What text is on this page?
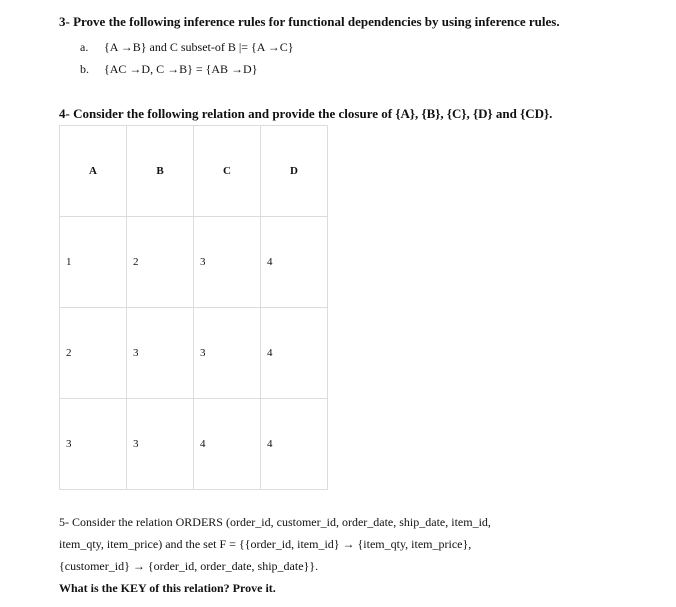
3- Prove the following inference rules for functional dependencies by using inference rules.
a. {A →B} and C subset-of B |= {A →C}
b. {AC →D, C →B} = {AB →D}
4- Consider the following relation and provide the closure of {A}, {B}, {C}, {D} and {CD}.
A	B	C	D
1	2	3	4
2	3	3	4
3	3	4	4
5- Consider the relation ORDERS (order_id, customer_id, order_date, ship_date, item_id,
item_qty, item_price) and the set F = {{order_id, item_id} → {item_qty, item_price},
{customer_id} → {order_id, order_date, ship_date}}.
What is the KEY of this relation? Prove it.
